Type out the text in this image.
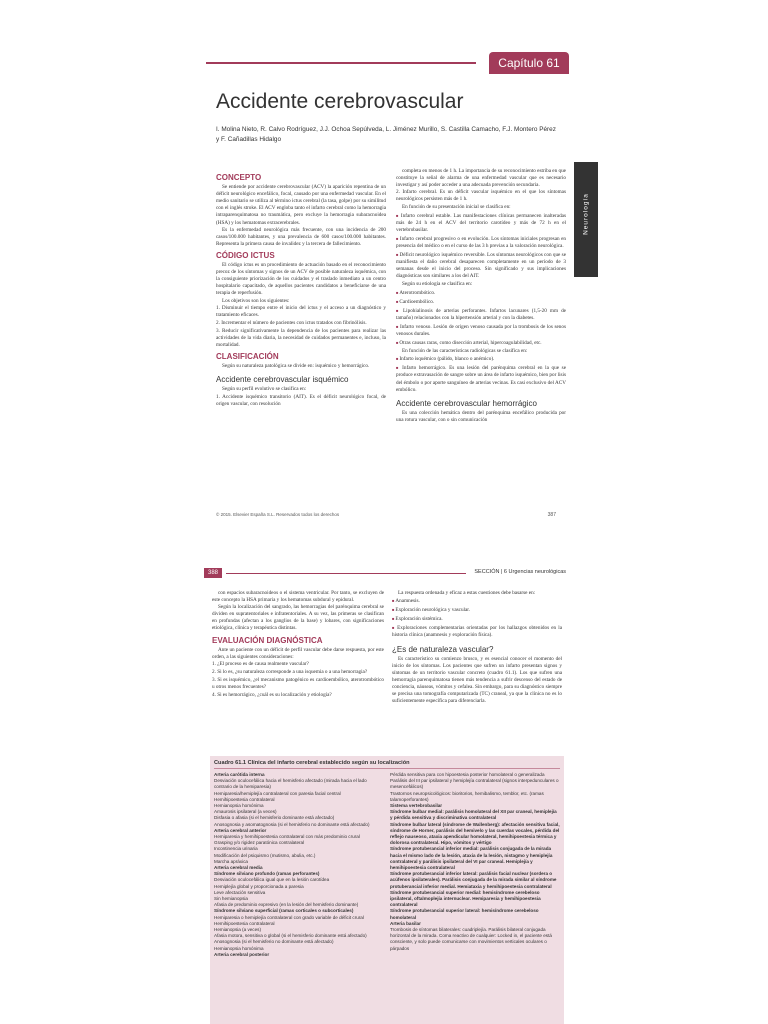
Capítulo 61
Accidente cerebrovascular
I. Molina Nieto, R. Calvo Rodríguez, J.J. Ochoa Sepúlveda, L. Jiménez Murillo, S. Castilla Camacho, F.J. Montero Pérez y F. Cañadillas Hidalgo
CONCEPTO
Se entiende por accidente cerebrovascular (ACV) la aparición repentina de un déficit neurológico encefálico, focal, causado por una enfermedad vascular. En el medio sanitario se utiliza al término ictus cerebral (la tasa, golpe) por su similitud con el inglés stroke. El ACV engloba tanto el infarto cerebral como la hemorragia intraparenquimatosa no traumática, pero excluye la hemorragia subaracnoidea (HSA) y los hematomas extracerebrales.
Es la enfermedad neurológica más frecuente, con una incidencia de 200 casos/100.000 habitantes, y una prevalencia de 600 casos/100.000 habitantes. Representa la primera causa de invalidez y la tercera de fallecimiento.
CÓDIGO ICTUS
El código ictus es un procedimiento de actuación basado en el reconocimiento precoz de los síntomas y signos de un ACV de posible naturaleza isquémica, con la consiguiente priorización de los cuidados y el traslado inmediato a un centro hospitalario capacitado, de aquellos pacientes candidatos a beneficiarse de una terapia de reperfusión.
Los objetivos son los siguientes:
1. Disminuir el tiempo entre el inicio del ictus y el acceso a un diagnóstico y tratamiento eficaces.
2. Incrementar el número de pacientes con ictus tratados con fibrinólisis.
3. Reducir significativamente la dependencia de los pacientes para realizar las actividades de la vida diaria, la necesidad de cuidados permanentes e, incluso, la mortalidad.
CLASIFICACIÓN
Según su naturaleza patológica se divide en: isquémico y hemorrágico.
Accidente cerebrovascular isquémico
Según su perfil evolutivo se clasifica en:
1. Accidente isquémico transitorio (AIT). Es el déficit neurológico focal, de origen vascular, con resolución
completa en menos de 1 h. La importancia de su reconocimiento estriba en que constituye la señal de alarma de una enfermedad vascular que es necesario investigar y así poder acceder a una adecuada prevención secundaria.
2. Infarto cerebral. Es un déficit vascular isquémico en el que los síntomas neurológicos persisten más de 1 h.
En función de su presentación inicial se clasifica en:
■ Infarto cerebral estable. Las manifestaciones clínicas permanecen inalteradas más de 24 h en el ACV del territorio carotídeo y más de 72 h en el vertebrobasilar.
■ Infarto cerebral progresivo o en evolución. Los síntomas iniciales progresan en presencia del médico o en el curso de las 3 h previas a la valoración neurológica.
■ Déficit neurológico isquémico reversible. Los síntomas neurológicos con que se manifiesta el daño cerebral desaparecen completamente en un período de 3 semanas desde el inicio del proceso. Sin significado y sus implicaciones diagnósticas son similares a los del AIT.
Según su etiología se clasifica en:
■ Aterotrombótico.
■ Cardioembólico.
■ Lipohialinosis de arterias perforantes. Infartos lacunares (1,5-20 mm de tamaño) relacionados con la hipertensión arterial y con la diabetes.
■ Infarto venoso. Lesión de origen venoso causada por la trombosis de los senos venosos durales.
■ Otras causas raras, como disección arterial, hipercoagulabilidad, etc.
En función de las características radiológicas se clasifica en:
■ Infarto isquémico (pálido, blanco o anémico).
■ Infarto hemorrágico. Es una lesión del parénquima cerebral en la que se produce extravasación de sangre sobre un área de infarto isquémico, bien por lisis del émbolo o por aporte sanguíneo de arterias vecinas. Es casi exclusivo del ACV embólico.
Accidente cerebrovascular hemorrágico
Es una colección hemática dentro del parénquima encefálico producida por una rotura vascular, con o sin comunicación
© 2015. Elsevier España S.L. Reservados todos los derechos	387
Neurología
388	SECCIÓN | 6 Urgencias neurológicas
con espacios subaracnoideos o el sistema ventricular. Por tanto, se excluyen de este concepto la HSA primaria y los hematomas subdural y epidural.
Según la localización del sangrado, las hemorragias del parénquima cerebral se dividen en supratentoriales e infratentoriales. A su vez, las primeras se clasifican en profundas (afectan a los ganglios de la base) y lobares, con significaciones etiológica, clínica y terapéutica distintas.
EVALUACIÓN DIAGNÓSTICA
Ante un paciente con un déficit de perfil vascular debe darse respuesta, por este orden, a las siguientes consideraciones:
1. ¿El proceso es de causa realmente vascular?
2. Si lo es, ¿su naturaleza corresponde a una isquemia o a una hemorragia?
3. Si es isquémico, ¿el mecanismo patogénico es cardioembólico, aterotrombótico u otros menos frecuentes?
4. Si es hemorrágico, ¿cuál es su localización y etiología?
La respuesta ordenada y eficaz a estas cuestiones debe basarse en:
■ Anamnesis.
■ Exploración neurológica y vascular.
■ Exploración sistémica.
■ Exploraciones complementarias orientadas por los hallazgos obtenidos en la historia clínica (anamnesis y exploración física).
¿Es de naturaleza vascular?
Es característico su comienzo brusco, y es esencial conocer el momento del inicio de los síntomas. Los pacientes que sufren un infarto presentan signos y síntomas de un territorio vascular concreto (cuadro 61.1). Los que sufren una hemorragia parenquimatosa tienen más tendencia a sufrir descenso del estado de conciencia, náuseas, vómitos y cefalea. Sin embargo, para su diagnóstico siempre se precisa una tomografía computarizada (TC) craneal, ya que la clínica no es lo suficientemente específica para diferenciarla.
Cuadro 61.1 Clínica del infarto cerebral establecido según su localización
Arteria carótida interna
Desviación oculocefálica hacia el hemisferio afectado (mirada hacia el lado contrario de la hemiparesia)
Hemiparesia/hemiplejía contralateral con paresia facial central
Hemihipoestesia contralateral
Hemianopsia homónima
Amaurosis ipsilateral (a veces)
Disfasia o afasia (si el hemisferio dominante está afectado)
Anosognosia y asomatognosia (si el hemisferio no dominante está afectado)
Arteria cerebral anterior
Hemiparesia y hemihipoestesia contralateral con más predominio crural
Grasping y/o rigidez paratónica contralateral
Incontinencia urinaria
Modificación del psiquismo (mutismo, abulia, etc.)
Marcha apráxica
Arteria cerebral media
Síndrome silviano profundo (ramas perforantes)
Desviación oculocefálica igual que en la lesión carotídea
Hemiplejía global y proporcionada a paresia
Leve afectación sensitiva
Sin hemianopsia
Afasia de predominio expresivo (en la lesión del hemisferio dominante)
Síndrome silviano superficial (ramas corticales o subcorticales)
Hemiparesia o hemiplejía contralateral con grado variable de déficit crural
Hemihipoestesia contralateral
Hemianopsia (a veces)
Afasia motora, sensitiva o global (si el hemisferio dominante está afectado)
Anosognosia (si el hemisferio no dominante está afectado)
Hemianopsia homónima
Arteria cerebral posterior
Pérdida sensitiva para con hipoestesia posterior homolateral o generalizada
Parálisis del III par ipsilateral y hemiplejía contralateral (signos interpedunculares o mesencefálicos)
Trastornos neuropsicológicos: bioritorios, hemibalismo, temblor, etc. (ramas talamoperforantes)
Sistema vertebrobasilar
Síndrome bulbar medial: parálisis homolateral del XII par craneal, hemiplejía y pérdida sensitiva y discriminativa contralateral
Síndrome bulbar lateral (síndrome de Wallenberg): afectación sensitiva facial, síndrome de Horner, parálisis del hemivelo y las cuerdas vocales, pérdida del reflejo nauseoso, ataxia apendicular homolateral, hemihipoestesia térmica y dolorosa contralateral. Hipo, vómitos y vértigo
Síndrome protuberancial inferior medial: parálisis conjugada de la mirada hacia el mismo lado de la lesión, ataxia de la lesión, nistagmo y hemiplejía contralateral y parálisis ipsilateral del VI par craneal. Hemiplejía y hemihipoestesia contralateral
Síndrome protuberancial inferior lateral: parálisis facial nuclear (sordera o acúfenos ipsilaterales). Parálisis conjugada de la mirada similar al síndrome protuberancial inferior medial. Hemiataxia y hemihipoestesia contralateral
Síndrome protuberancial superior medial: hemisíndrome cerebeloso ipsilateral, oftalmoplejía internuclear. Hemiparesia y hemihipoestesia contralateral
Síndrome protuberancial superior lateral: hemisíndrome cerebeloso homolateral
Arteria basilar
Trombosis de síntomas bilaterales: cuadriplejía. Parálisis bilateral conjugada horizontal de la mirada. Coma reactivo de cualquier: Locked in, el paciente está consciente, y solo puede comunicarse con movimientos verticales oculares o párpados
